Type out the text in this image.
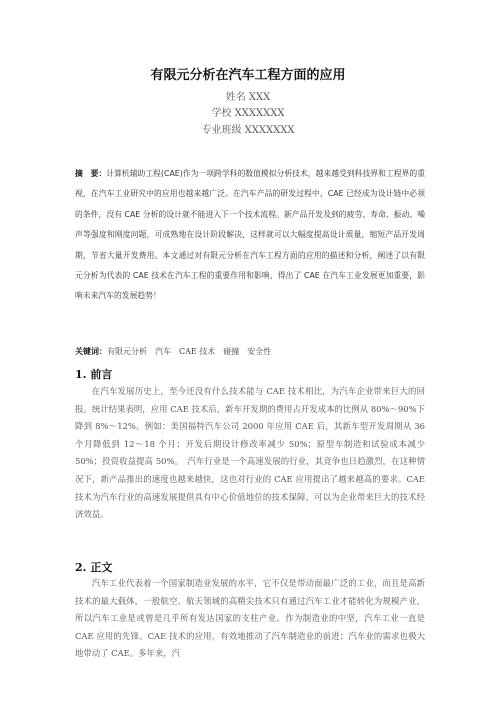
有限元分析在汽车工程方面的应用
姓名 XXX
学校 XXXXXXX
专业班级 XXXXXXX

摘　要：计算机辅助工程(CAE)作为一项跨学科的数值模拟分析技术，越来越受到科技界和工程界的重视，在汽车工业研究中的应用也越来越广泛。在汽车产品的研发过程中，CAE 已经成为设计链中必须的条件，没有 CAE 分析的设计就不能进入下一个技术流程。新产品开发及到的疲劳、寿命、振动、噪声等强度和刚度问题，可成熟地在设计阶段解决，这样就可以大幅度提高设计质量，缩短产品开发周期，节省大量开发费用。本文通过对有限元分析在汽车工程方面的应用的描述和分析，阐述了以有限元分析为代表的 CAE 技术在汽车工程的重要作用和影响，得出了 CAE 在汽车工业发展更加重要，影响未来汽车的发展趋势！

关键词：有限元分析　汽车　CAE 技术　碰撞　安全性
1. 前言

在汽车发展历史上，至今还没有什么技术能与 CAE 技术相比，为汽车企业带来巨大的回报。统计结果表明，应用 CAE 技术后，新车开发期的费用占开发成本的比例从 80%～90%下降到 8%～12%。例如：美国福特汽车公司 2000 年应用 CAE 后，其新车型开发周期从 36 个月降低到 12～18 个月；开发后期设计修改率减少 50%；原型车制造和试验成本减少 50%；投资收益提高 50%。　汽车行业是一个高速发展的行业，其竞争也日趋激烈，在这种情况下，新产品推出的速度也越来越快，这也对行业的 CAE 应用提出了越来越高的要求。CAE 技术为汽车行业的高速发展提供具有中心价值地位的技术保障，可以为企业带来巨大的技术经济效益。

2. 正文

汽车工业代表着一个国家制造业发展的水平，它不仅是带动面最广泛的工业，而且是高新技术的最大载体，一般航空、航天领域的高精尖技术只有通过汽车工业才能转化为规模产业，所以汽车工业是或曾是几乎所有发达国家的支柱产业。作为制造业的中坚，汽车工业一直是 CAE 应用的先锋。CAE 技术的应用，有效地推动了汽车制造业的前进；汽车业的需求也极大地带动了 CAE。多年来，汽
